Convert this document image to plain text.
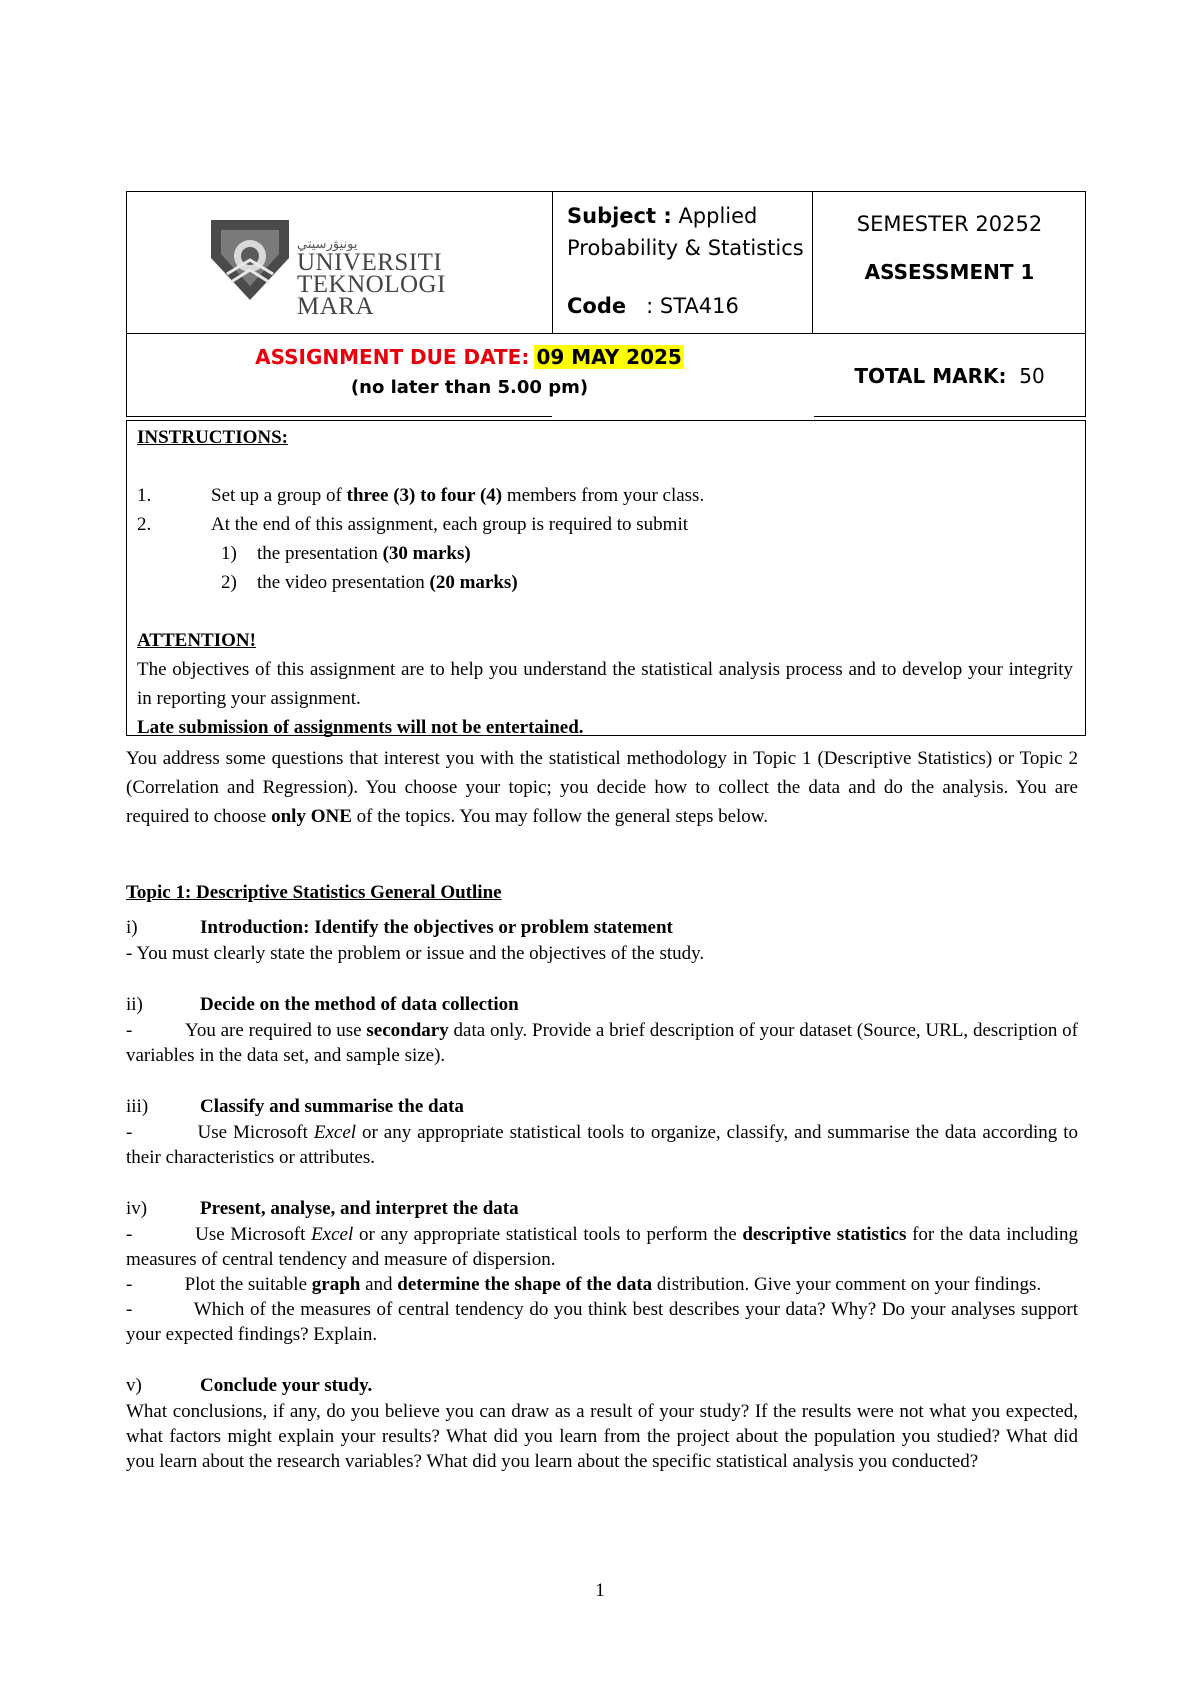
ﻳﻮﻧﻴﯟرسيتي
UNIVERSITI
TEKNOLOGI
MARA
Subject : Applied Probability & Statistics
Code : STA416
SEMESTER 20252
ASSESSMENT 1
ASSIGNMENT DUE DATE: 09 MAY 2025
(no later than 5.00 pm)	TOTAL MARK: 50
INSTRUCTIONS:
1.	Set up a group of three (3) to four (4) members from your class.
2.	At the end of this assignment, each group is required to submit
1) the presentation (30 marks)
2) the video presentation (20 marks)
ATTENTION!

The objectives of this assignment are to help you understand the statistical analysis process and to develop your integrity in reporting your assignment.

Late submission of assignments will not be entertained.

You address some questions that interest you with the statistical methodology in Topic 1 (Descriptive Statistics) or Topic 2 (Correlation and Regression). You choose your topic; you decide how to collect the data and do the analysis. You are required to choose only ONE of the topics. You may follow the general steps below.

Topic 1: Descriptive Statistics General Outline

i)	Introduction: Identify the objectives or problem statement

- You must clearly state the problem or issue and the objectives of the study.

ii)	Decide on the method of data collection

-           You are required to use secondary data only. Provide a brief description of your dataset (Source, URL, description of variables in the data set, and sample size).

iii)	Classify and summarise the data

-           Use Microsoft Excel or any appropriate statistical tools to organize, classify, and summarise the data according to their characteristics or attributes.

iv)	Present, analyse, and interpret the data

-           Use Microsoft Excel or any appropriate statistical tools to perform the descriptive statistics for the data including measures of central tendency and measure of dispersion.

-           Plot the suitable graph and determine the shape of the data distribution. Give your comment on your findings.

-           Which of the measures of central tendency do you think best describes your data? Why? Do your analyses support your expected findings? Explain.

v)	Conclude your study.

What conclusions, if any, do you believe you can draw as a result of your study? If the results were not what you expected, what factors might explain your results? What did you learn from the project about the population you studied? What did you learn about the research variables? What did you learn about the specific statistical analysis you conducted?

1
